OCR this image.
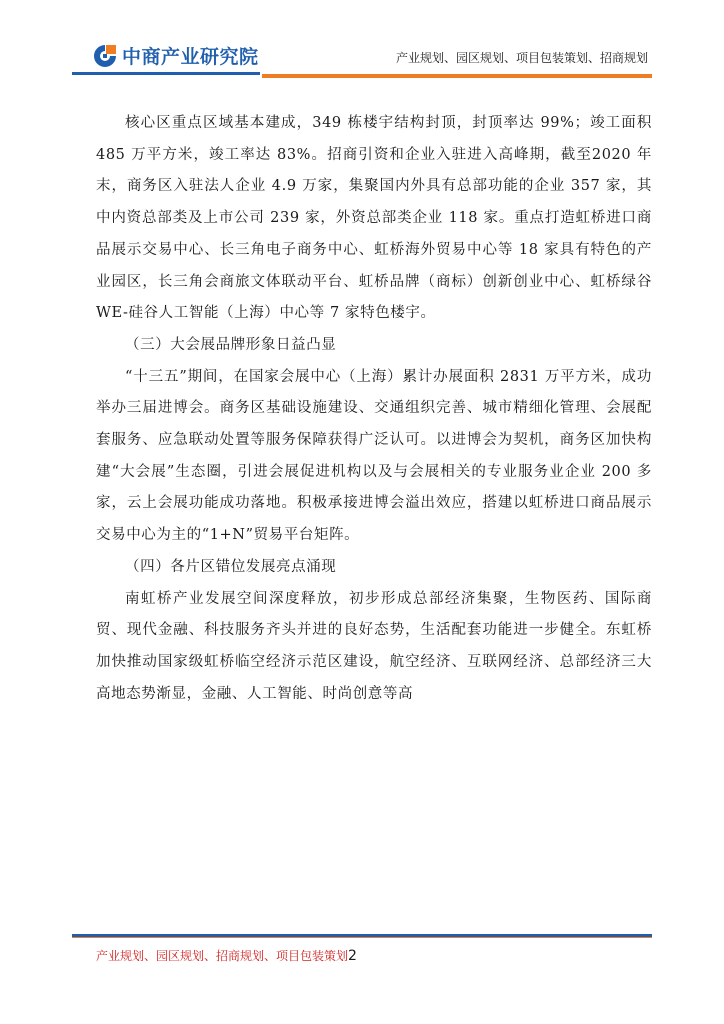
中商产业研究院	产业规划、园区规划、项目包装策划、招商规划

核心区重点区域基本建成，349 栋楼宇结构封顶，封顶率达 99%；竣工面积 485 万平方米，竣工率达 83%。招商引资和企业入驻进入高峰期，截至2020 年末，商务区入驻法人企业 4.9 万家，集聚国内外具有总部功能的企业 357 家，其中内资总部类及上市公司 239 家，外资总部类企业 118 家。重点打造虹桥进口商品展示交易中心、长三角电子商务中心、虹桥海外贸易中心等 18 家具有特色的产业园区，长三角会商旅文体联动平台、虹桥品牌（商标）创新创业中心、虹桥绿谷 WE-硅谷人工智能（上海）中心等 7 家特色楼宇。

（三）大会展品牌形象日益凸显

“十三五”期间，在国家会展中心（上海）累计办展面积 2831 万平方米，成功举办三届进博会。商务区基础设施建设、交通组织完善、城市精细化管理、会展配套服务、应急联动处置等服务保障获得广泛认可。以进博会为契机，商务区加快构建“大会展”生态圈，引进会展促进机构以及与会展相关的专业服务业企业 200 多家，云上会展功能成功落地。积极承接进博会溢出效应，搭建以虹桥进口商品展示交易中心为主的“1+N”贸易平台矩阵。

（四）各片区错位发展亮点涌现

南虹桥产业发展空间深度释放，初步形成总部经济集聚，生物医药、国际商贸、现代金融、科技服务齐头并进的良好态势，生活配套功能进一步健全。东虹桥加快推动国家级虹桥临空经济示范区建设，航空经济、互联网经济、总部经济三大高地态势渐显，金融、人工智能、时尚创意等高

产业规划、园区规划、招商规划、项目包装策划2
